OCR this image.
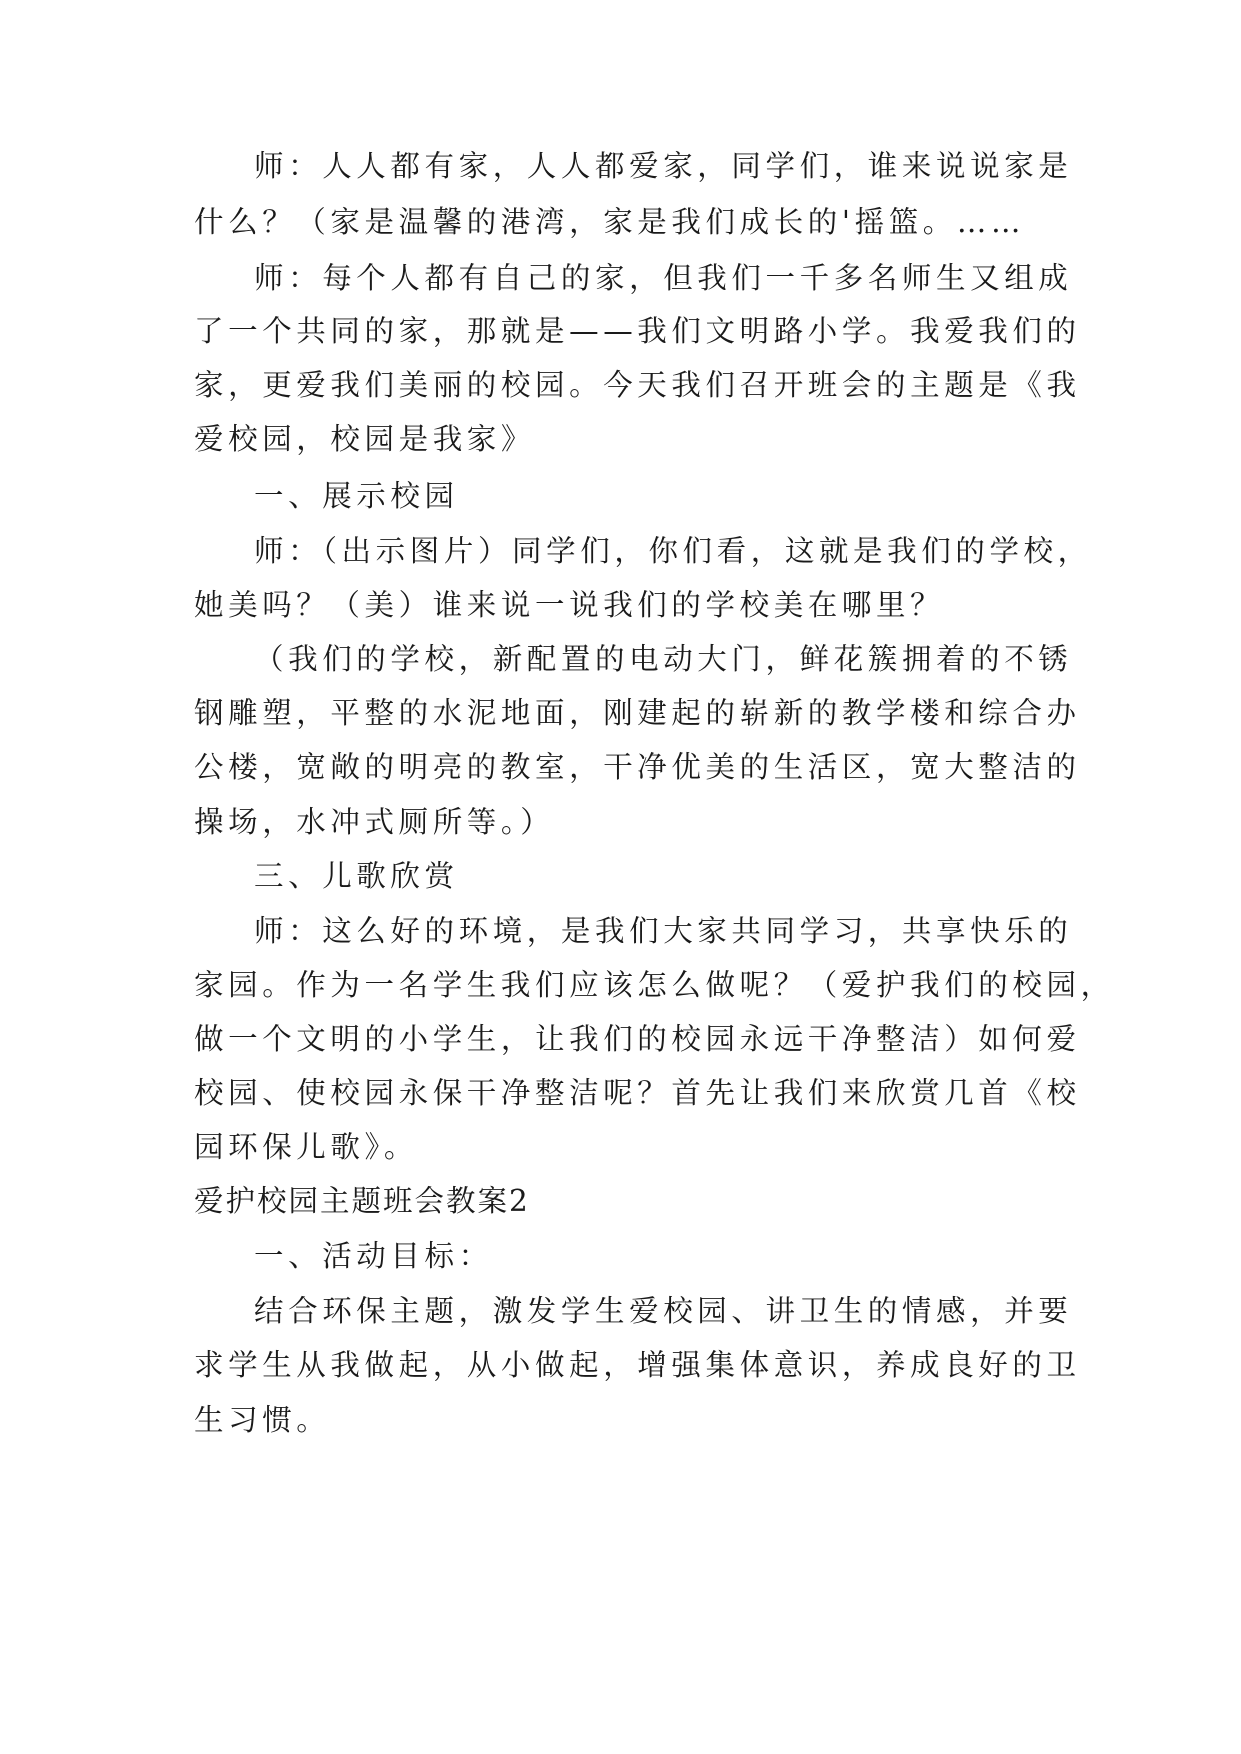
师：人人都有家，人人都爱家，同学们，谁来说说家是
什么？（家是温馨的港湾，家是我们成长的'摇篮。……
师：每个人都有自己的家，但我们一千多名师生又组成
了一个共同的家，那就是——我们文明路小学。我爱我们的
家，更爱我们美丽的校园。今天我们召开班会的主题是《我
爱校园，校园是我家》
一、展示校园
师：（出示图片）同学们，你们看，这就是我们的学校，
她美吗？（美）谁来说一说我们的学校美在哪里？
（我们的学校，新配置的电动大门，鲜花簇拥着的不锈
钢雕塑，平整的水泥地面，刚建起的崭新的教学楼和综合办
公楼，宽敞的明亮的教室，干净优美的生活区，宽大整洁的
操场，水冲式厕所等。）
三、儿歌欣赏
师：这么好的环境，是我们大家共同学习，共享快乐的
家园。作为一名学生我们应该怎么做呢？（爱护我们的校园，
做一个文明的小学生，让我们的校园永远干净整洁）如何爱
校园、使校园永保干净整洁呢？首先让我们来欣赏几首《校
园环保儿歌》。
爱护校园主题班会教案2
一、活动目标：
结合环保主题，激发学生爱校园、讲卫生的情感，并要
求学生从我做起，从小做起，增强集体意识，养成良好的卫
生习惯。
